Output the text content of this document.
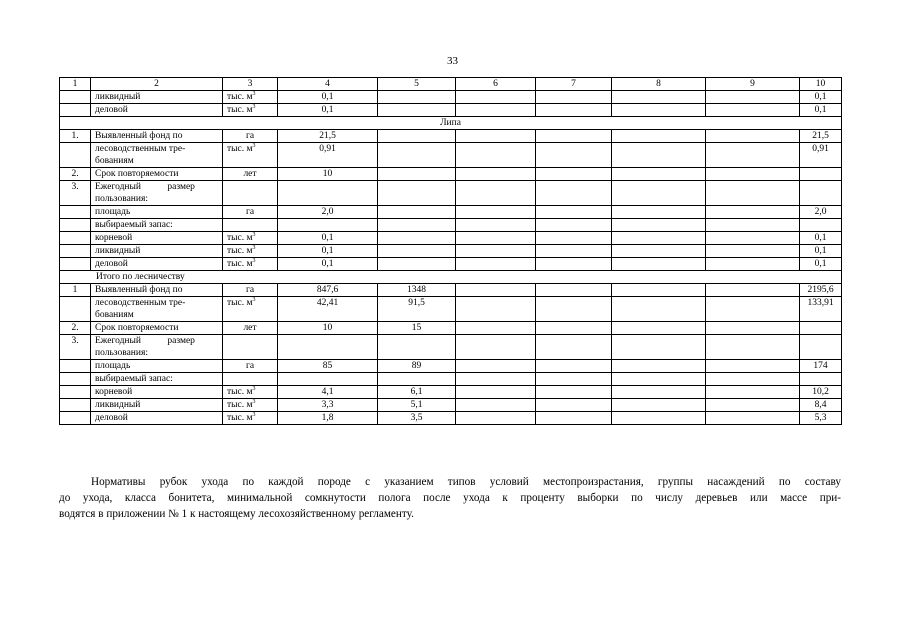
33
1	2	3	4	5	6	7	8	9	10
	ликвидный	тыс. $м^3$	0,1						0,1
	деловой	тыс. $м^3$	0,1						0,1
Липа									
1.	Выявленный фонд по	га	21,5						21,5

	лесоводственным тре-
бованиям	тыс. $м^3$	0,91						0,91
2.	Срок повторяемости	лет	10						
3.	Ежегодный размер
пользования:								

	площадь	га	2,0						2,0
	выбираемый запас:								
	корневой	тыс. $м^3$	0,1						0,1
	ликвидный	тыс. $м^3$	0,1						0,1
	деловой	тыс. $м^3$	0,1						0,1
Итого по лесничеству									
1	Выявленный фонд по	га	847,6	1348					2195,6

	лесоводственным тре-
бованиям	тыс. $м^3$	42,41	91,5					133,91
2.	Срок повторяемости	лет	10	15					
3.	Ежегодный размер
пользования:								

	площадь	га	85	89					174
	выбираемый запас:								
	корневой	тыс. $м^3$	4,1	6,1					10,2
	ликвидный	тыс. $м^3$	3,3	5,1					8,4
	деловой	тыс. $м^3$	1,8	3,5					5,3
Нормативы рубок ухода по каждой породе с указанием типов условий местопроизрастания, группы насаждений по составу
до ухода, класса бонитета, минимальной сомкнутости полога после ухода к проценту выборки по числу деревьев или массе при-
водятся в приложении № 1 к настоящему лесохозяйственному регламенту.
